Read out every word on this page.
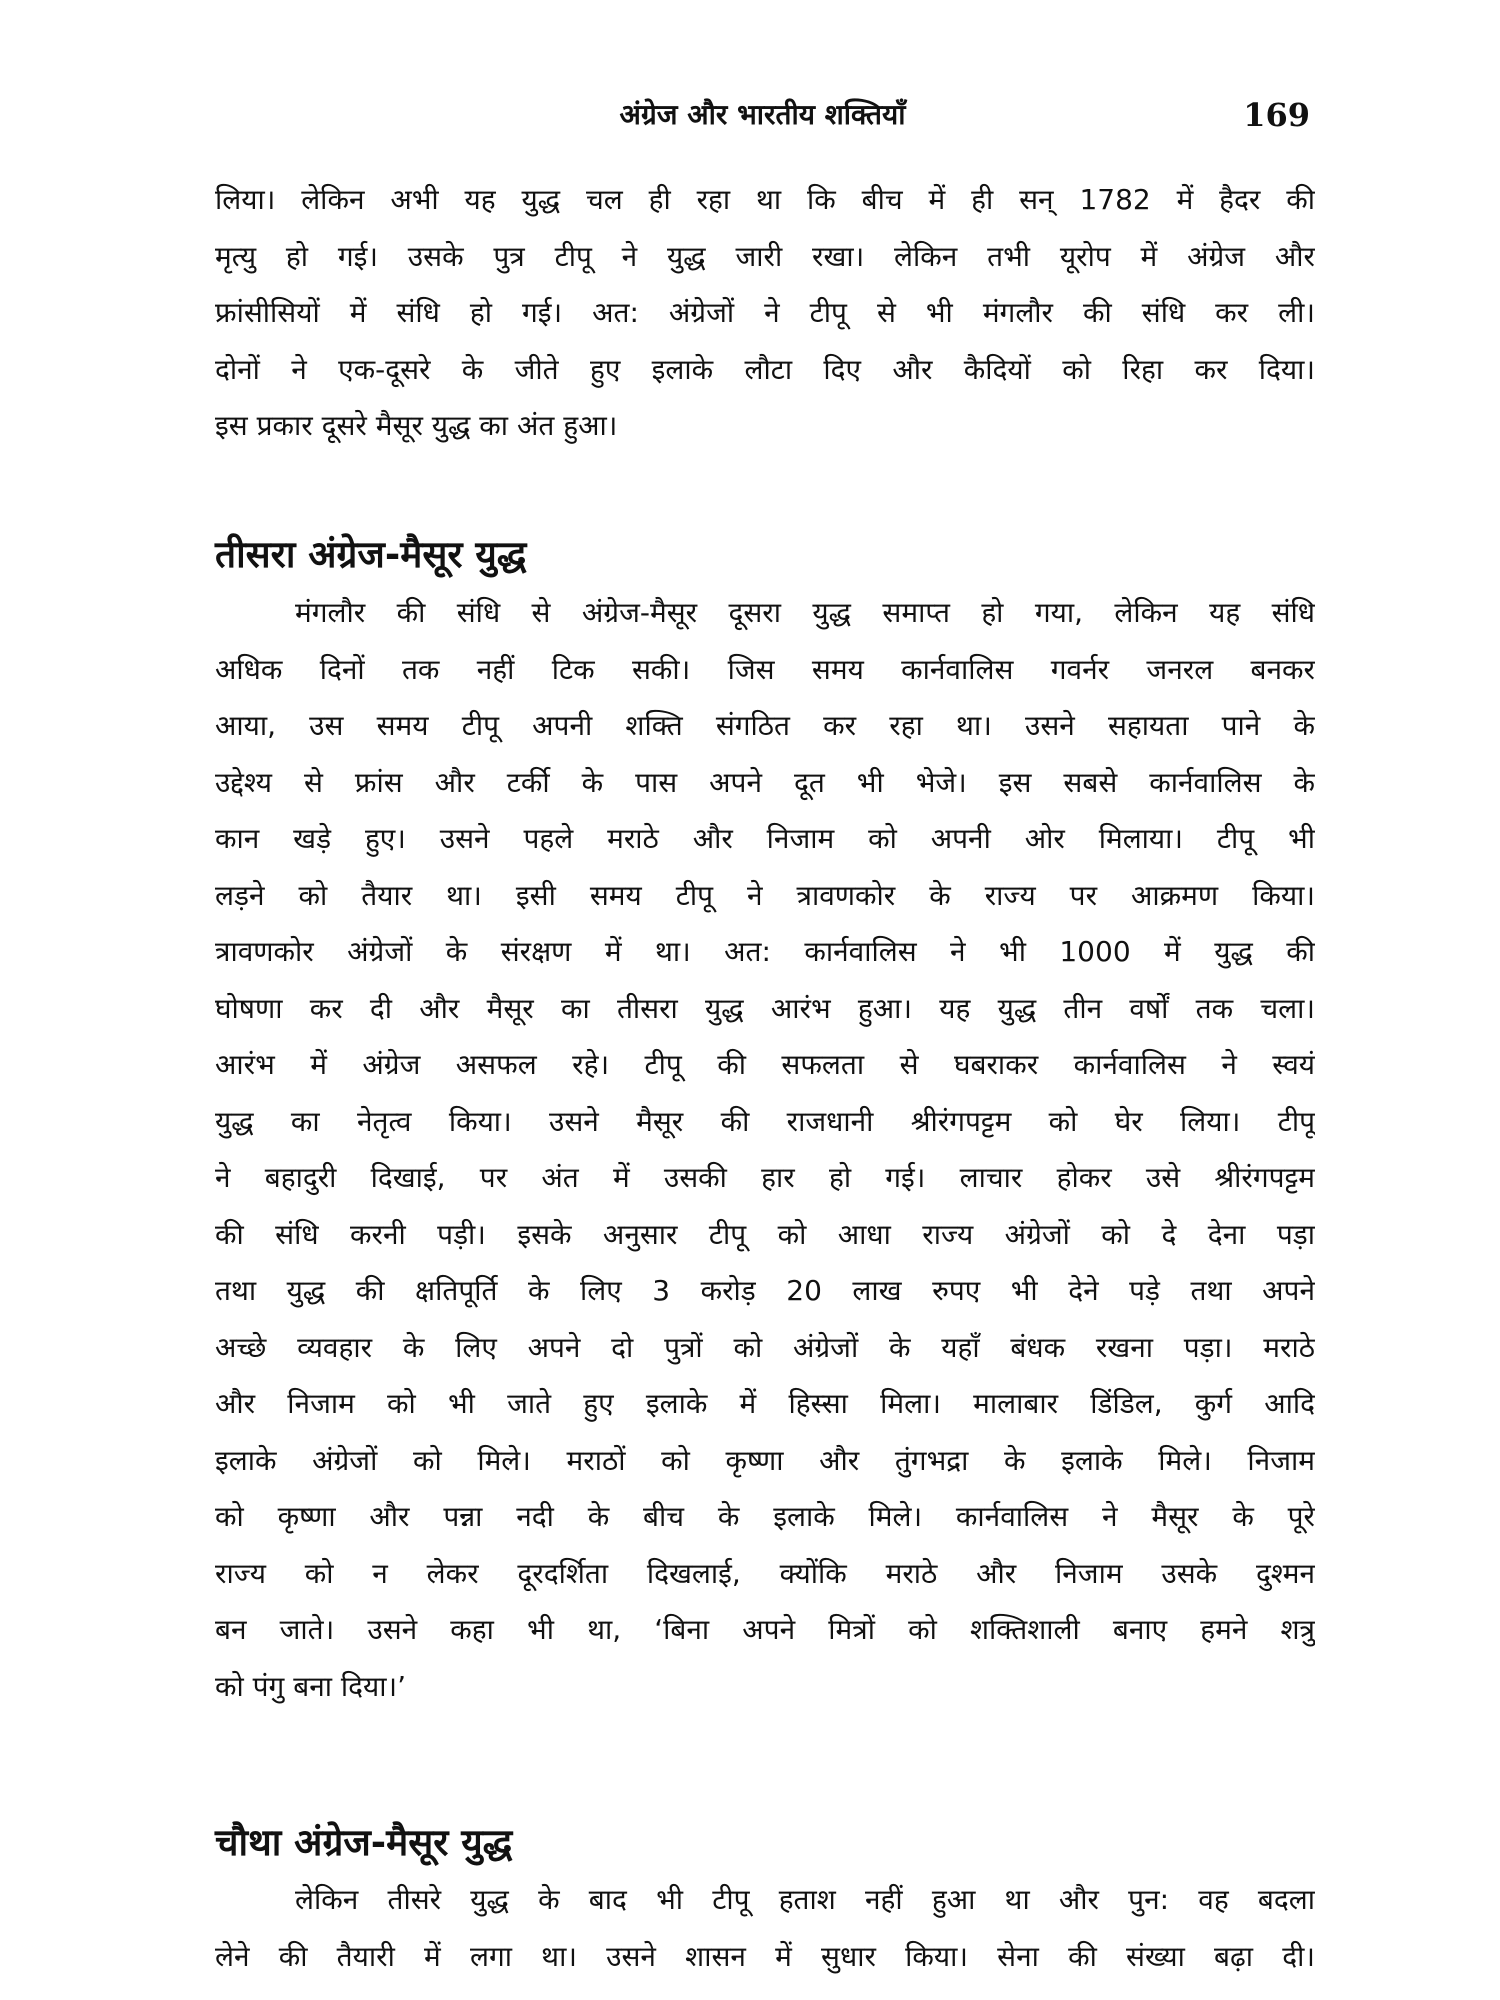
अंग्रेज और भारतीय शक्तियाँ	169
लिया। लेकिन अभी यह युद्ध चल ही रहा था कि बीच में ही सन् 1782 में हैदर की
मृत्यु हो गई। उसके पुत्र टीपू ने युद्ध जारी रखा। लेकिन तभी यूरोप में अंग्रेज और
फ्रांसीसियों में संधि हो गई। अत: अंग्रेजों ने टीपू से भी मंगलौर की संधि कर ली।
दोनों ने एक-दूसरे के जीते हुए इलाके लौटा दिए और कैदियों को रिहा कर दिया।
इस प्रकार दूसरे मैसूर युद्ध का अंत हुआ।
तीसरा अंग्रेज-मैसूर युद्ध
मंगलौर की संधि से अंग्रेज-मैसूर दूसरा युद्ध समाप्त हो गया, लेकिन यह संधि
अधिक दिनों तक नहीं टिक सकी। जिस समय कार्नवालिस गवर्नर जनरल बनकर
आया, उस समय टीपू अपनी शक्ति संगठित कर रहा था। उसने सहायता पाने के
उद्देश्य से फ्रांस और टर्की के पास अपने दूत भी भेजे। इस सबसे कार्नवालिस के
कान खड़े हुए। उसने पहले मराठे और निजाम को अपनी ओर मिलाया। टीपू भी
लड़ने को तैयार था। इसी समय टीपू ने त्रावणकोर के राज्य पर आक्रमण किया।
त्रावणकोर अंग्रेजों के संरक्षण में था। अत: कार्नवालिस ने भी 1000 में युद्ध की
घोषणा कर दी और मैसूर का तीसरा युद्ध आरंभ हुआ। यह युद्ध तीन वर्षों तक चला।
आरंभ में अंग्रेज असफल रहे। टीपू की सफलता से घबराकर कार्नवालिस ने स्वयं
युद्ध का नेतृत्व किया। उसने मैसूर की राजधानी श्रीरंगपट्टम को घेर लिया। टीपू
ने बहादुरी दिखाई, पर अंत में उसकी हार हो गई। लाचार होकर उसे श्रीरंगपट्टम
की संधि करनी पड़ी। इसके अनुसार टीपू को आधा राज्य अंग्रेजों को दे देना पड़ा
तथा युद्ध की क्षतिपूर्ति के लिए 3 करोड़ 20 लाख रुपए भी देने पड़े तथा अपने
अच्छे व्यवहार के लिए अपने दो पुत्रों को अंग्रेजों के यहाँ बंधक रखना पड़ा। मराठे
और निजाम को भी जाते हुए इलाके में हिस्सा मिला। मालाबार डिंडिल, कुर्ग आदि
इलाके अंग्रेजों को मिले। मराठों को कृष्णा और तुंगभद्रा के इलाके मिले। निजाम
को कृष्णा और पन्ना नदी के बीच के इलाके मिले। कार्नवालिस ने मैसूर के पूरे
राज्य को न लेकर दूरदर्शिता दिखलाई, क्योंकि मराठे और निजाम उसके दुश्मन
बन जाते। उसने कहा भी था, ‘बिना अपने मित्रों को शक्तिशाली बनाए हमने शत्रु
को पंगु बना दिया।’
चौथा अंग्रेज-मैसूर युद्ध
लेकिन तीसरे युद्ध के बाद भी टीपू हताश नहीं हुआ था और पुन: वह बदला
लेने की तैयारी में लगा था। उसने शासन में सुधार किया। सेना की संख्या बढ़ा दी।
